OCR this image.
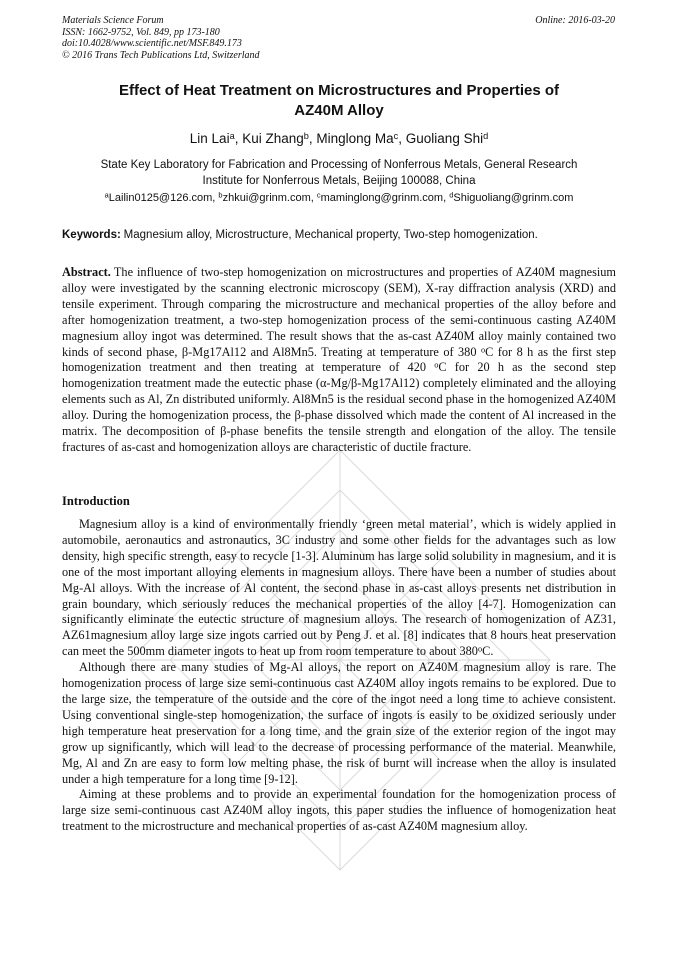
Materials Science Forum
ISSN: 1662-9752, Vol. 849, pp 173-180
doi:10.4028/www.scientific.net/MSF.849.173
© 2016 Trans Tech Publications Ltd, Switzerland
Online: 2016-03-20
Effect of Heat Treatment on Microstructures and Properties of
AZ40M Alloy
Lin Lai$^a$, Kui Zhang$^b$, Minglong Ma$^c$, Guoliang Shi$^d$
State Key Laboratory for Fabrication and Processing of Nonferrous Metals, General Research
Institute for Nonferrous Metals, Beijing 100088, China
$^a$Lailin0125@126.com, $^b$zhkui@grinm.com, $^c$maminglong@grinm.com, $^d$Shiguoliang@grinm.com
Keywords: Magnesium alloy, Microstructure, Mechanical property, Two-step homogenization.
Abstract. The influence of two-step homogenization on microstructures and properties of AZ40M magnesium alloy were investigated by the scanning electronic microscopy (SEM), X-ray diffraction analysis (XRD) and tensile experiment. Through comparing the microstructure and mechanical properties of the alloy before and after homogenization treatment, a two-step homogenization process of the semi-continuous casting AZ40M magnesium alloy ingot was determined. The result shows that the as-cast AZ40M alloy mainly contained two kinds of second phase, β-Mg17Al12 and Al8Mn5. Treating at temperature of 380 $^o$C for 8 h as the first step homogenization treatment and then treating at temperature of 420 $^o$C for 20 h as the second step homogenization treatment made the eutectic phase (α-Mg/β-Mg17Al12) completely eliminated and the alloying elements such as Al, Zn distributed uniformly. Al8Mn5 is the residual second phase in the homogenized AZ40M alloy. During the homogenization process, the β-phase dissolved which made the content of Al increased in the matrix. The decomposition of β-phase benefits the tensile strength and elongation of the alloy. The tensile fractures of as-cast and homogenization alloys are characteristic of ductile fracture.
Introduction

Magnesium alloy is a kind of environmentally friendly ‘green metal material’, which is widely applied in automobile, aeronautics and astronautics, 3C industry and some other fields for the advantages such as low density, high specific strength, easy to recycle [1-3]. Aluminum has large solid solubility in magnesium, and it is one of the most important alloying elements in magnesium alloys. There have been a number of studies about Mg-Al alloys. With the increase of Al content, the second phase in as-cast alloys presents net distribution in grain boundary, which seriously reduces the mechanical properties of the alloy [4-7]. Homogenization can significantly eliminate the eutectic structure of magnesium alloys. The research of homogenization of AZ31, AZ61magnesium alloy large size ingots carried out by Peng J. et al. [8] indicates that 8 hours heat preservation can meet the 500mm diameter ingots to heat up from room temperature to about 380$^o$C.

Although there are many studies of Mg-Al alloys, the report on AZ40M magnesium alloy is rare. The homogenization process of large size semi-continuous cast AZ40M alloy ingots remains to be explored. Due to the large size, the temperature of the outside and the core of the ingot need a long time to achieve consistent. Using conventional single-step homogenization, the surface of ingots is easily to be oxidized seriously under high temperature heat preservation for a long time, and the grain size of the exterior region of the ingot may grow up significantly, which will lead to the decrease of processing performance of the material. Meanwhile, Mg, Al and Zn are easy to form low melting phase, the risk of burnt will increase when the alloy is insulated under a high temperature for a long time [9-12].

Aiming at these problems and to provide an experimental foundation for the homogenization process of large size semi-continuous cast AZ40M alloy ingots, this paper studies the influence of homogenization heat treatment to the microstructure and mechanical properties of as-cast AZ40M magnesium alloy.
